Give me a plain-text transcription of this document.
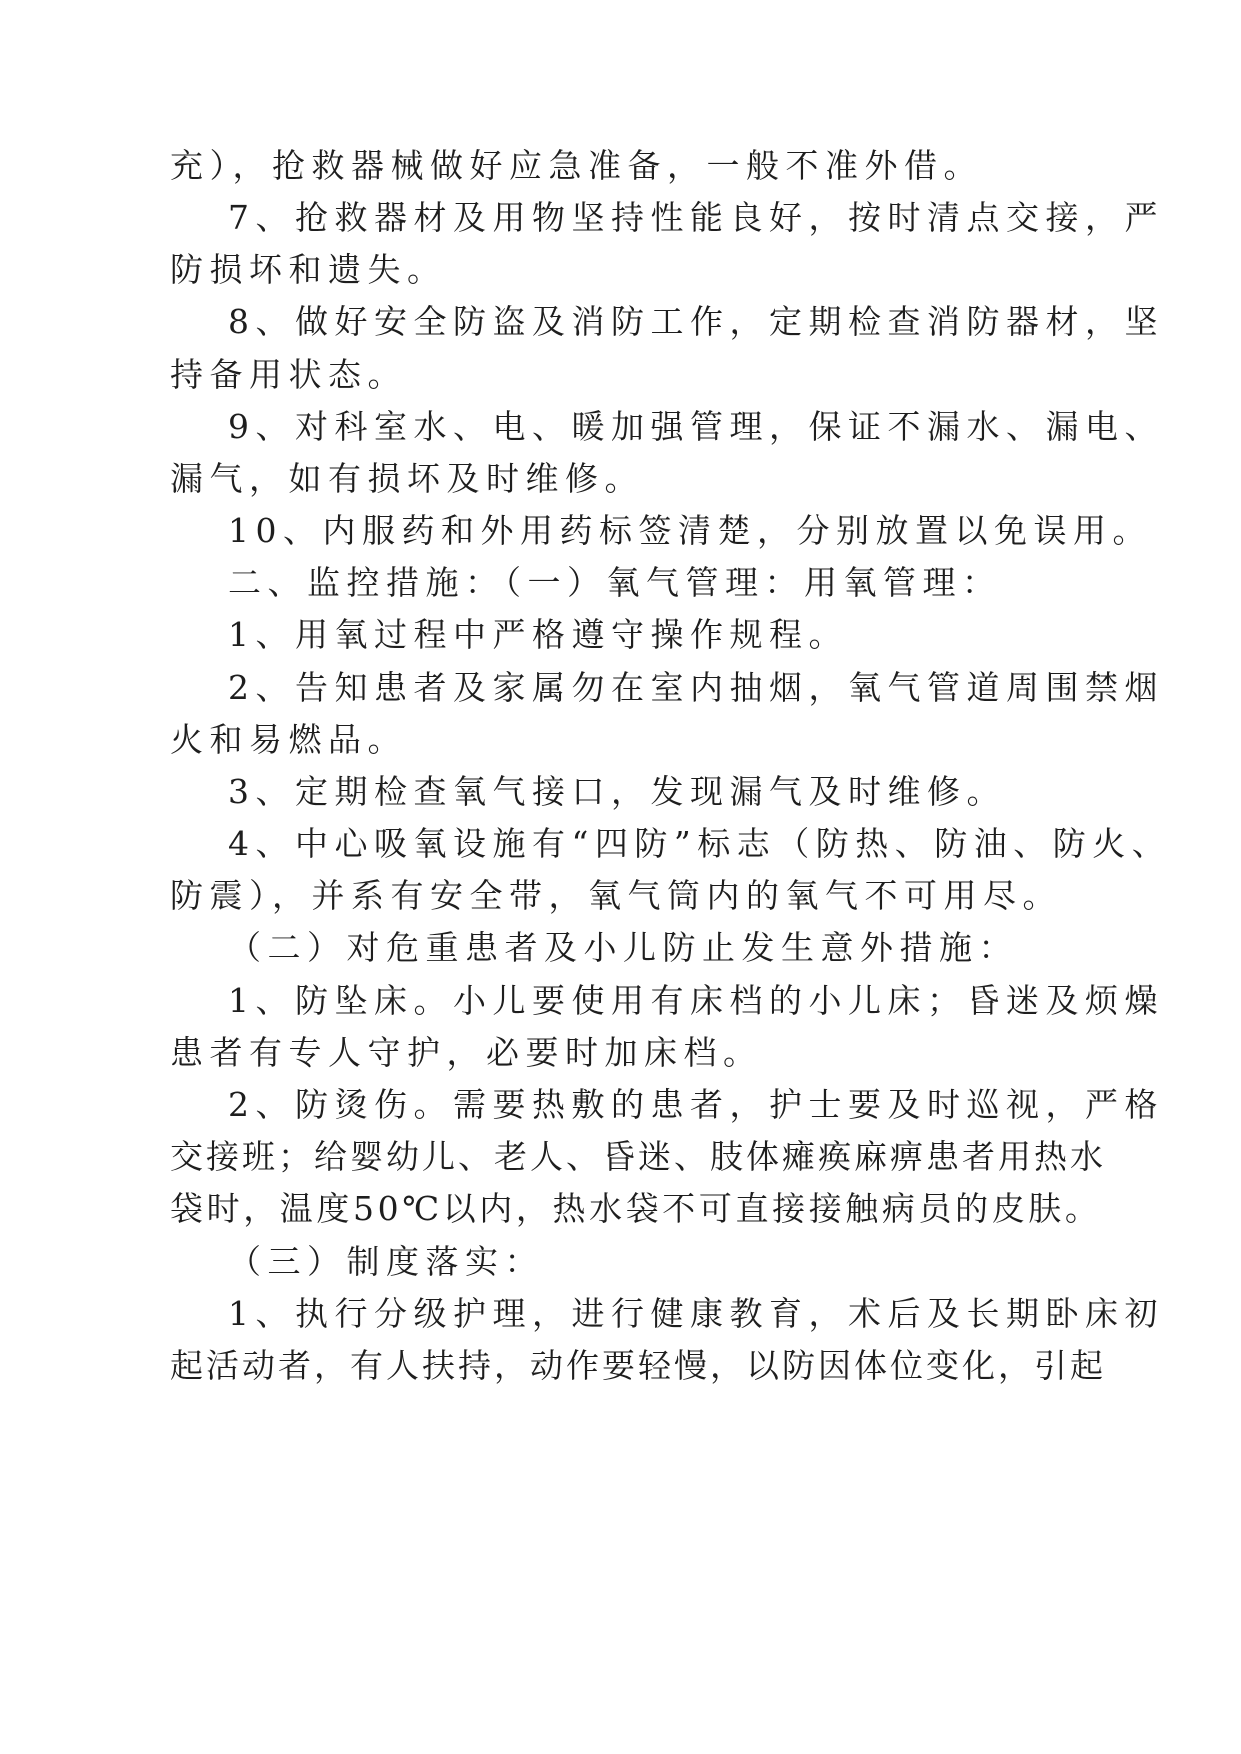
充），抢救器械做好应急准备，一般不准外借。

7、抢救器材及用物坚持性能良好，按时清点交接，严

防损坏和遗失。

8、做好安全防盗及消防工作，定期检查消防器材，坚

持备用状态。

9、对科室水、电、暖加强管理，保证不漏水、漏电、

漏气，如有损坏及时维修。

10、内服药和外用药标签清楚，分别放置以免误用。

二、监控措施：（一）氧气管理：用氧管理：

1、用氧过程中严格遵守操作规程。

2、告知患者及家属勿在室内抽烟，氧气管道周围禁烟

火和易燃品。

3、定期检查氧气接口，发现漏气及时维修。

4、中心吸氧设施有“四防”标志（防热、防油、防火、

防震），并系有安全带，氧气筒内的氧气不可用尽。

（二）对危重患者及小儿防止发生意外措施：

1、防坠床。小儿要使用有床档的小儿床；昏迷及烦燥

患者有专人守护，必要时加床档。

2、防烫伤。需要热敷的患者，护士要及时巡视，严格

交接班；给婴幼儿、老人、昏迷、肢体瘫痪麻痹患者用热水

袋时，温度50℃以内，热水袋不可直接接触病员的皮肤。

（三）制度落实：

1、执行分级护理，进行健康教育，术后及长期卧床初

起活动者，有人扶持，动作要轻慢，以防因体位变化，引起
